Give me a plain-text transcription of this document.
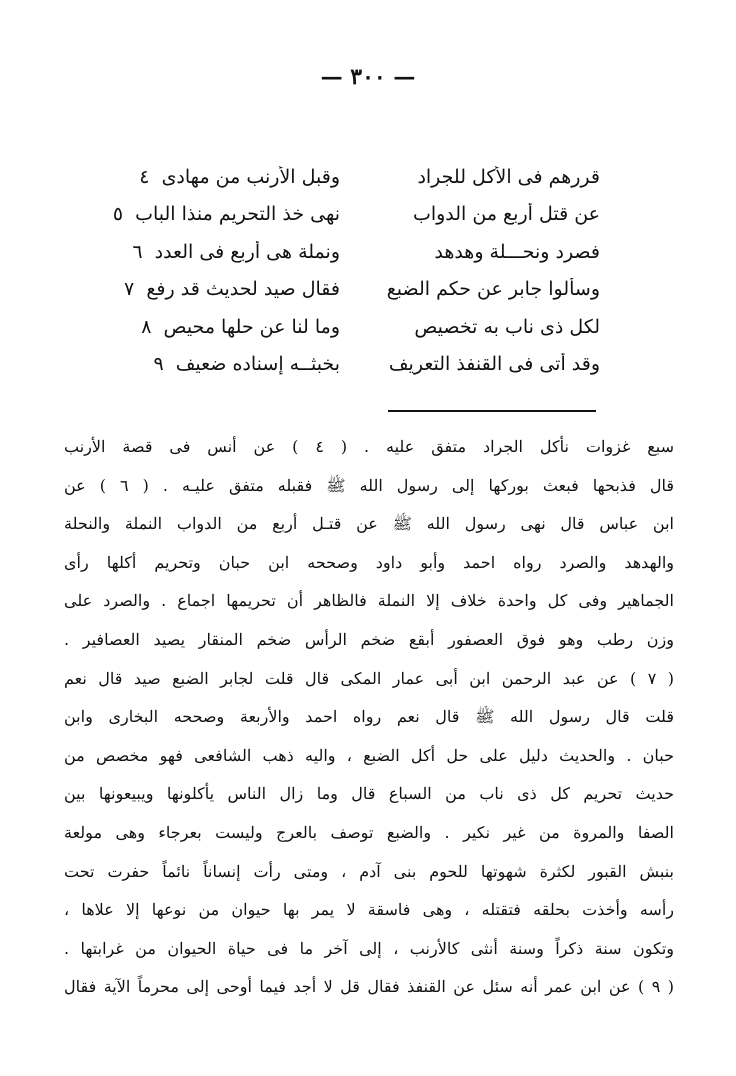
— ٣٠٠ —
قررهم فى الأكل للجراد
وقبل الأرنب من مهادى ٤
عن قتل أربع من الدواب
نهى خذ التحريم منذا الباب ٥
فصرد ونحـــلة وهدهد
ونملة هى أربع فى العدد ٦
وسألوا جابر عن حكم الضبع
فقال صيد لحديث قد رفع ٧
لكل ذى ناب به تخصيص
وما لنا عن حلها محيص ٨
وقد أتى فى القنفذ التعريف
بخبثــه إسناده ضعيف ٩
سبع غزوات نأكل الجراد متفق عليه . ( ٤ ) عن أنس فى قصة الأرنب
قال فذبحها فبعث بوركها إلى رسول الله ﷺ فقبله متفق عليـه . ( ٦ ) عن
ابن عباس قال نهى رسول الله ﷺ عن قتـل أربع من الدواب النملة والنحلة
والهدهد والصرد رواه احمد وأبو داود وصححه ابن حبان وتحريم أكلها رأى
الجماهير وفى كل واحدة خلاف إلا النملة فالظاهر أن تحريمها اجماع . والصرد على
وزن رطب وهو فوق العصفور أبقع ضخم الرأس ضخم المنقار يصيد العصافير .
( ٧ ) عن عبد الرحمن ابن أبى عمار المكى قال قلت لجابر الضبع صيد قال نعم
قلت قال رسول الله ﷺ قال نعم رواه احمد والأربعة وصححه البخارى وابن
حبان . والحديث دليل على حل أكل الضبع ، واليه ذهب الشافعى فهو مخصص من
حديث تحريم كل ذى ناب من السباع قال وما زال الناس يأكلونها ويبيعونها بين
الصفا والمروة من غير نكير . والضبع توصف بالعرج وليست بعرجاء وهى مولعة
بنبش القبور لكثرة شهوتها للحوم بنى آدم ، ومتى رأت إنساناً نائماً حفرت تحت
رأسه وأخذت بحلقه فتقتله ، وهى فاسقة لا يمر بها حيوان من نوعها إلا علاها ،
وتكون سنة ذكراً وسنة أنثى كالأرنب ، إلى آخر ما فى حياة الحيوان من غرابتها .
( ٩ ) عن ابن عمر أنه سئل عن القنفذ فقال قل لا أجد فيما أوحى إلى محرماً الآية فقال
